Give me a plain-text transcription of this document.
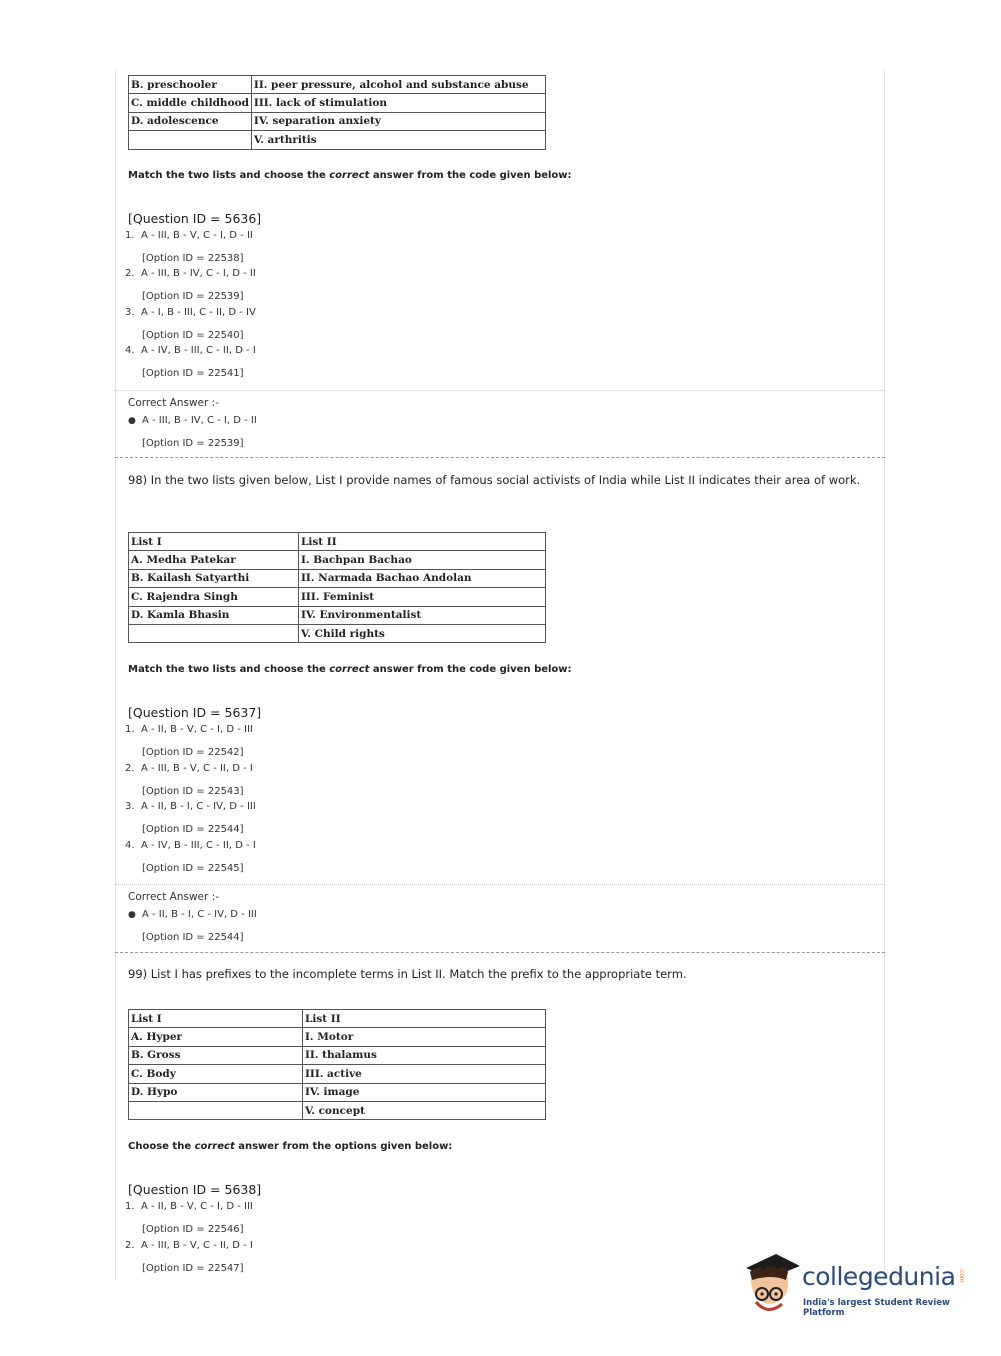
B. preschooler	II. peer pressure, alcohol and substance abuse
C. middle childhood	III. lack of stimulation
D. adolescence	IV. separation anxiety
	V. arthritis
Match the two lists and choose the correct answer from the code given below:
[Question ID = 5636]
1. A - III, B - V, C - I, D - II
[Option ID = 22538]
2. A - III, B - IV, C - I, D - II
[Option ID = 22539]
3. A - I, B - III, C - II, D - IV
[Option ID = 22540]
4. A - IV, B - III, C - II, D - I
[Option ID = 22541]
Correct Answer :-
● A - III, B - IV, C - I, D - II
[Option ID = 22539]
98) In the two lists given below, List I provide names of famous social activists of India while List II indicates their area of work.
List I	List II
A. Medha Patekar	I. Bachpan Bachao
B. Kailash Satyarthi	II. Narmada Bachao Andolan
C. Rajendra Singh	III. Feminist
D. Kamla Bhasin	IV. Environmentalist
	V. Child rights
Match the two lists and choose the correct answer from the code given below:
[Question ID = 5637]
1. A - II, B - V, C - I, D - III
[Option ID = 22542]
2. A - III, B - V, C - II, D - I
[Option ID = 22543]
3. A - II, B - I, C - IV, D - III
[Option ID = 22544]
4. A - IV, B - III, C - II, D - I
[Option ID = 22545]
Correct Answer :-
● A - II, B - I, C - IV, D - III
[Option ID = 22544]
99) List I has prefixes to the incomplete terms in List II. Match the prefix to the appropriate term.
List I	List II
A. Hyper	I. Motor
B. Gross	II. thalamus
C. Body	III. active
D. Hypo	IV. image
	V. concept
Choose the correct answer from the options given below:
[Question ID = 5638]
1. A - II, B - V, C - I, D - III
[Option ID = 22546]
2. A - III, B - V, C - II, D - I
[Option ID = 22547]	collegedunia .com
India's largest Student Review Platform
